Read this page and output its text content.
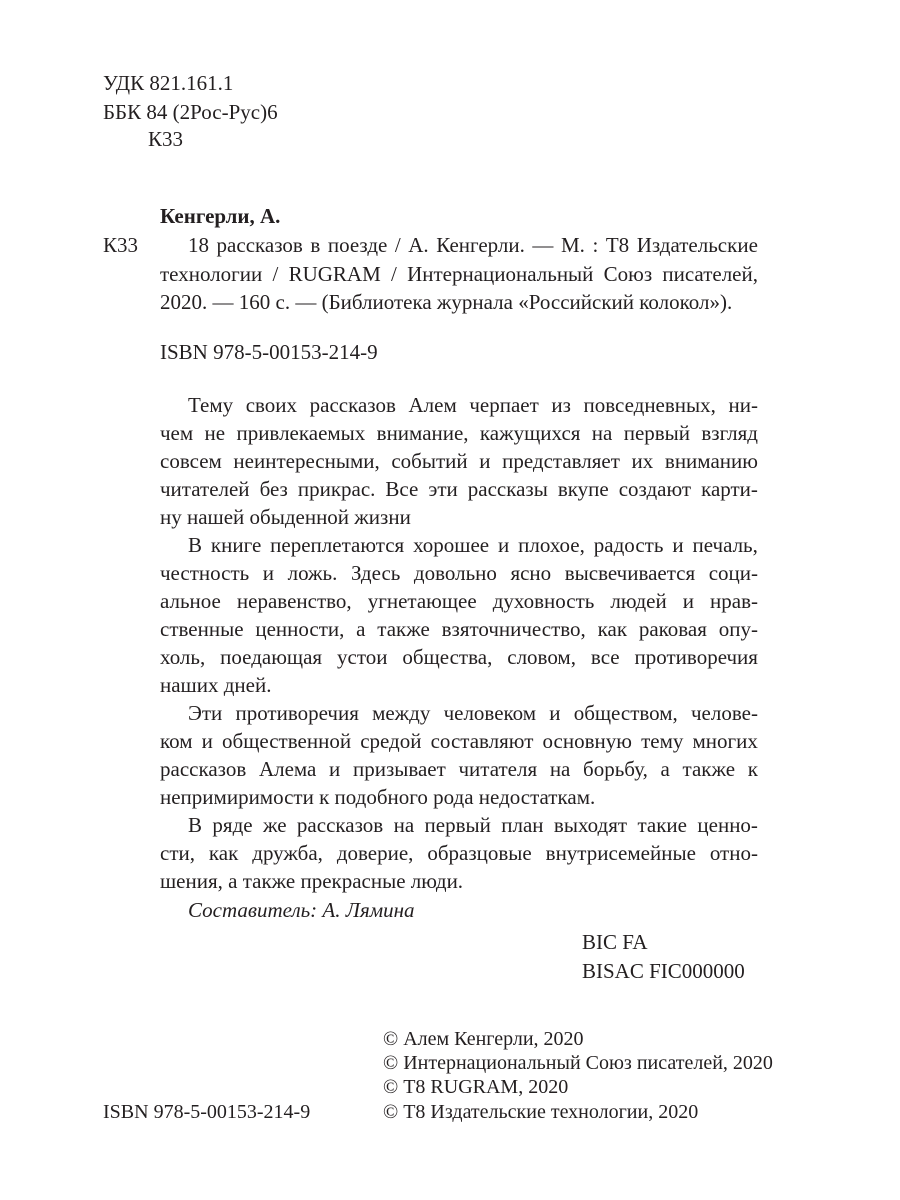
УДК 821.161.1
ББК 84 (2Рос-Рус)6
К33
Кенгерли, А.
К33 18 рассказов в поезде / А. Кенгерли. — М. : Т8 Издательские
технологии / RUGRAM / Интернациональный Союз писателей,
2020. — 160 с. — (Библиотека журнала «Российский колокол»).
ISBN 978-5-00153-214-9
Тему своих рассказов Алем черпает из повседневных, ни-
чем не привлекаемых внимание, кажущихся на первый взгляд
совсем неинтересными, событий и представляет их вниманию
читателей без прикрас. Все эти рассказы вкупе создают карти-
ну нашей обыденной жизни
В книге переплетаются хорошее и плохое, радость и печаль,
честность и ложь. Здесь довольно ясно высвечивается соци-
альное неравенство, угнетающее духовность людей и нрав-
ственные ценности, а также взяточничество, как раковая опу-
холь, поедающая устои общества, словом, все противоречия
наших дней.
Эти противоречия между человеком и обществом, челове-
ком и общественной средой составляют основную тему многих
рассказов Алема и призывает читателя на борьбу, а также к
непримиримости к подобного рода недостаткам.
В ряде же рассказов на первый план выходят такие ценно-
сти, как дружба, доверие, образцовые внутрисемейные отно-
шения, а также прекрасные люди.
Составитель: А. Лямина
BIC FA
BISAC FIC000000
© Алем Кенгерли, 2020
© Интернациональный Союз писателей, 2020
© Т8 RUGRAM, 2020
© Т8 Издательские технологии, 2020
ISBN 978-5-00153-214-9
